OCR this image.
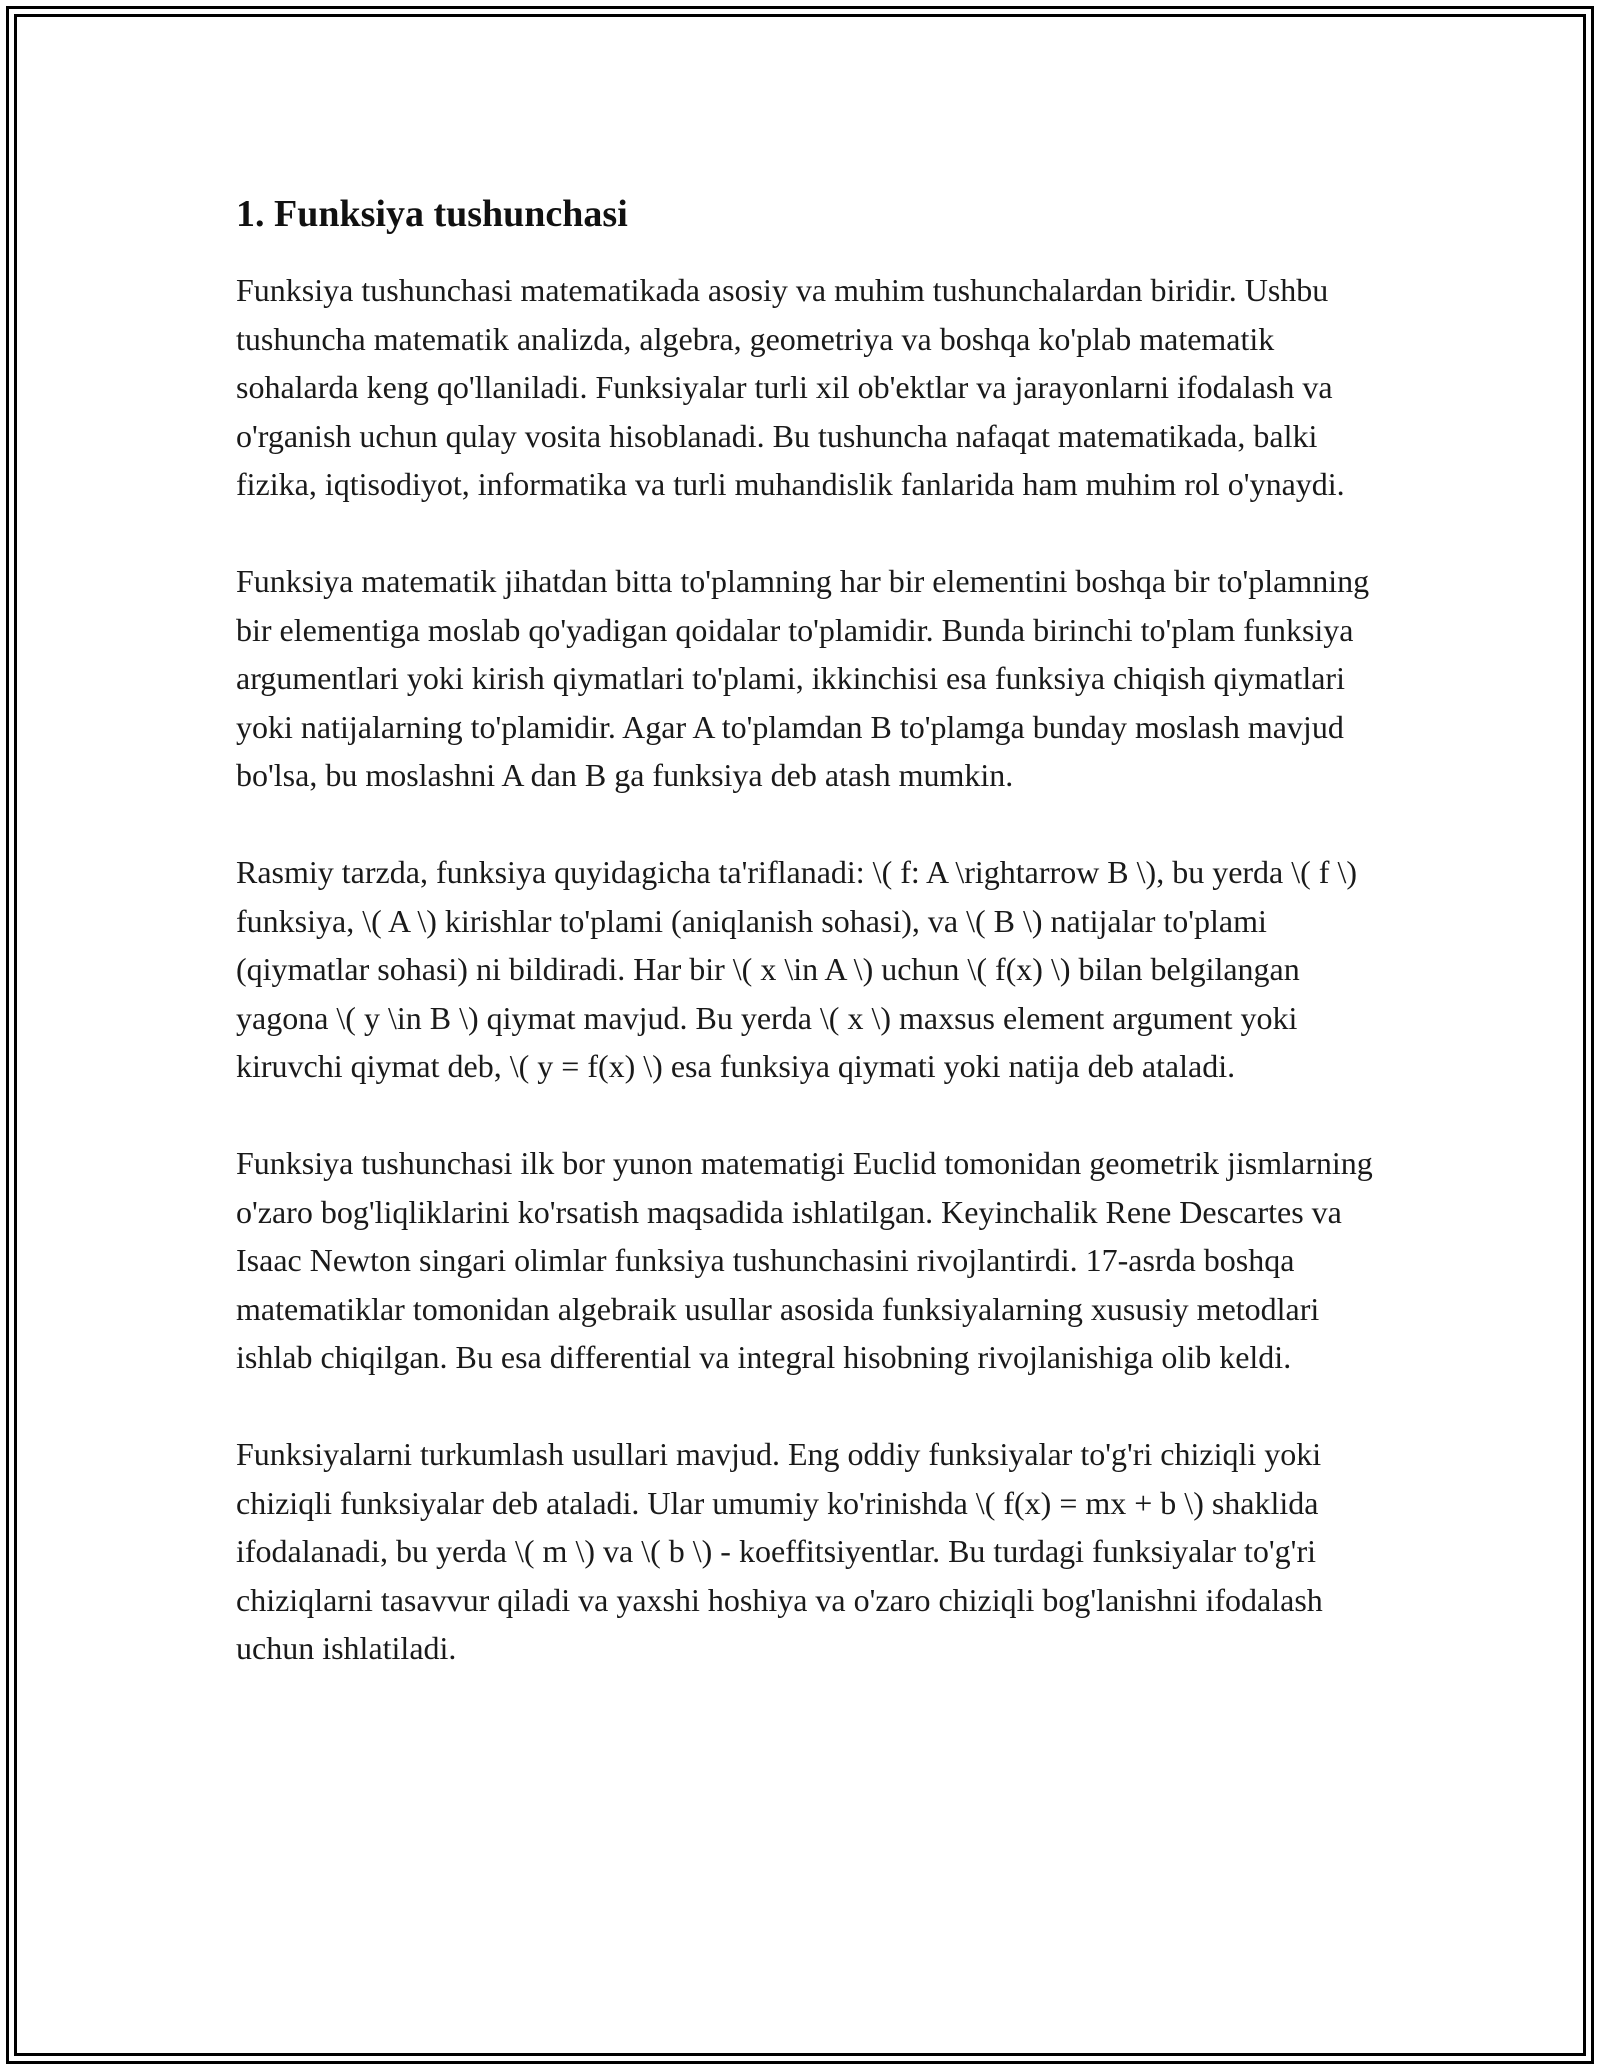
1. Funksiya tushunchasi

Funksiya tushunchasi matematikada asosiy va muhim tushunchalardan biridir. Ushbu tushuncha matematik analizda, algebra, geometriya va boshqa ko'plab matematik sohalarda keng qo'llaniladi. Funksiyalar turli xil ob'ektlar va jarayonlarni ifodalash va o'rganish uchun qulay vosita hisoblanadi. Bu tushuncha nafaqat matematikada, balki fizika, iqtisodiyot, informatika va turli muhandislik fanlarida ham muhim rol o'ynaydi.

Funksiya matematik jihatdan bitta to'plamning har bir elementini boshqa bir to'plamning bir elementiga moslab qo'yadigan qoidalar to'plamidir. Bunda birinchi to'plam funksiya argumentlari yoki kirish qiymatlari to'plami, ikkinchisi esa funksiya chiqish qiymatlari yoki natijalarning to'plamidir. Agar A to'plamdan B to'plamga bunday moslash mavjud bo'lsa, bu moslashni A dan B ga funksiya deb atash mumkin.

Rasmiy tarzda, funksiya quyidagicha ta'riflanadi: \( f: A \rightarrow B \), bu yerda \( f \) funksiya, \( A \) kirishlar to'plami (aniqlanish sohasi), va \( B \) natijalar to'plami (qiymatlar sohasi) ni bildiradi. Har bir \( x \in A \) uchun \( f(x) \) bilan belgilangan yagona \( y \in B \) qiymat mavjud. Bu yerda \( x \) maxsus element argument yoki kiruvchi qiymat deb, \( y = f(x) \) esa funksiya qiymati yoki natija deb ataladi.

Funksiya tushunchasi ilk bor yunon matematigi Euclid tomonidan geometrik jismlarning o'zaro bog'liqliklarini ko'rsatish maqsadida ishlatilgan. Keyinchalik Rene Descartes va Isaac Newton singari olimlar funksiya tushunchasini rivojlantirdi. 17-asrda boshqa matematiklar tomonidan algebraik usullar asosida funksiyalarning xususiy metodlari ishlab chiqilgan. Bu esa differential va integral hisobning rivojlanishiga olib keldi.

Funksiyalarni turkumlash usullari mavjud. Eng oddiy funksiyalar to'g'ri chiziqli yoki chiziqli funksiyalar deb ataladi. Ular umumiy ko'rinishda \( f(x) = mx + b \) shaklida ifodalanadi, bu yerda \( m \) va \( b \) - koeffitsiyentlar. Bu turdagi funksiyalar to'g'ri chiziqlarni tasavvur qiladi va yaxshi hoshiya va o'zaro chiziqli bog'lanishni ifodalash uchun ishlatiladi.
